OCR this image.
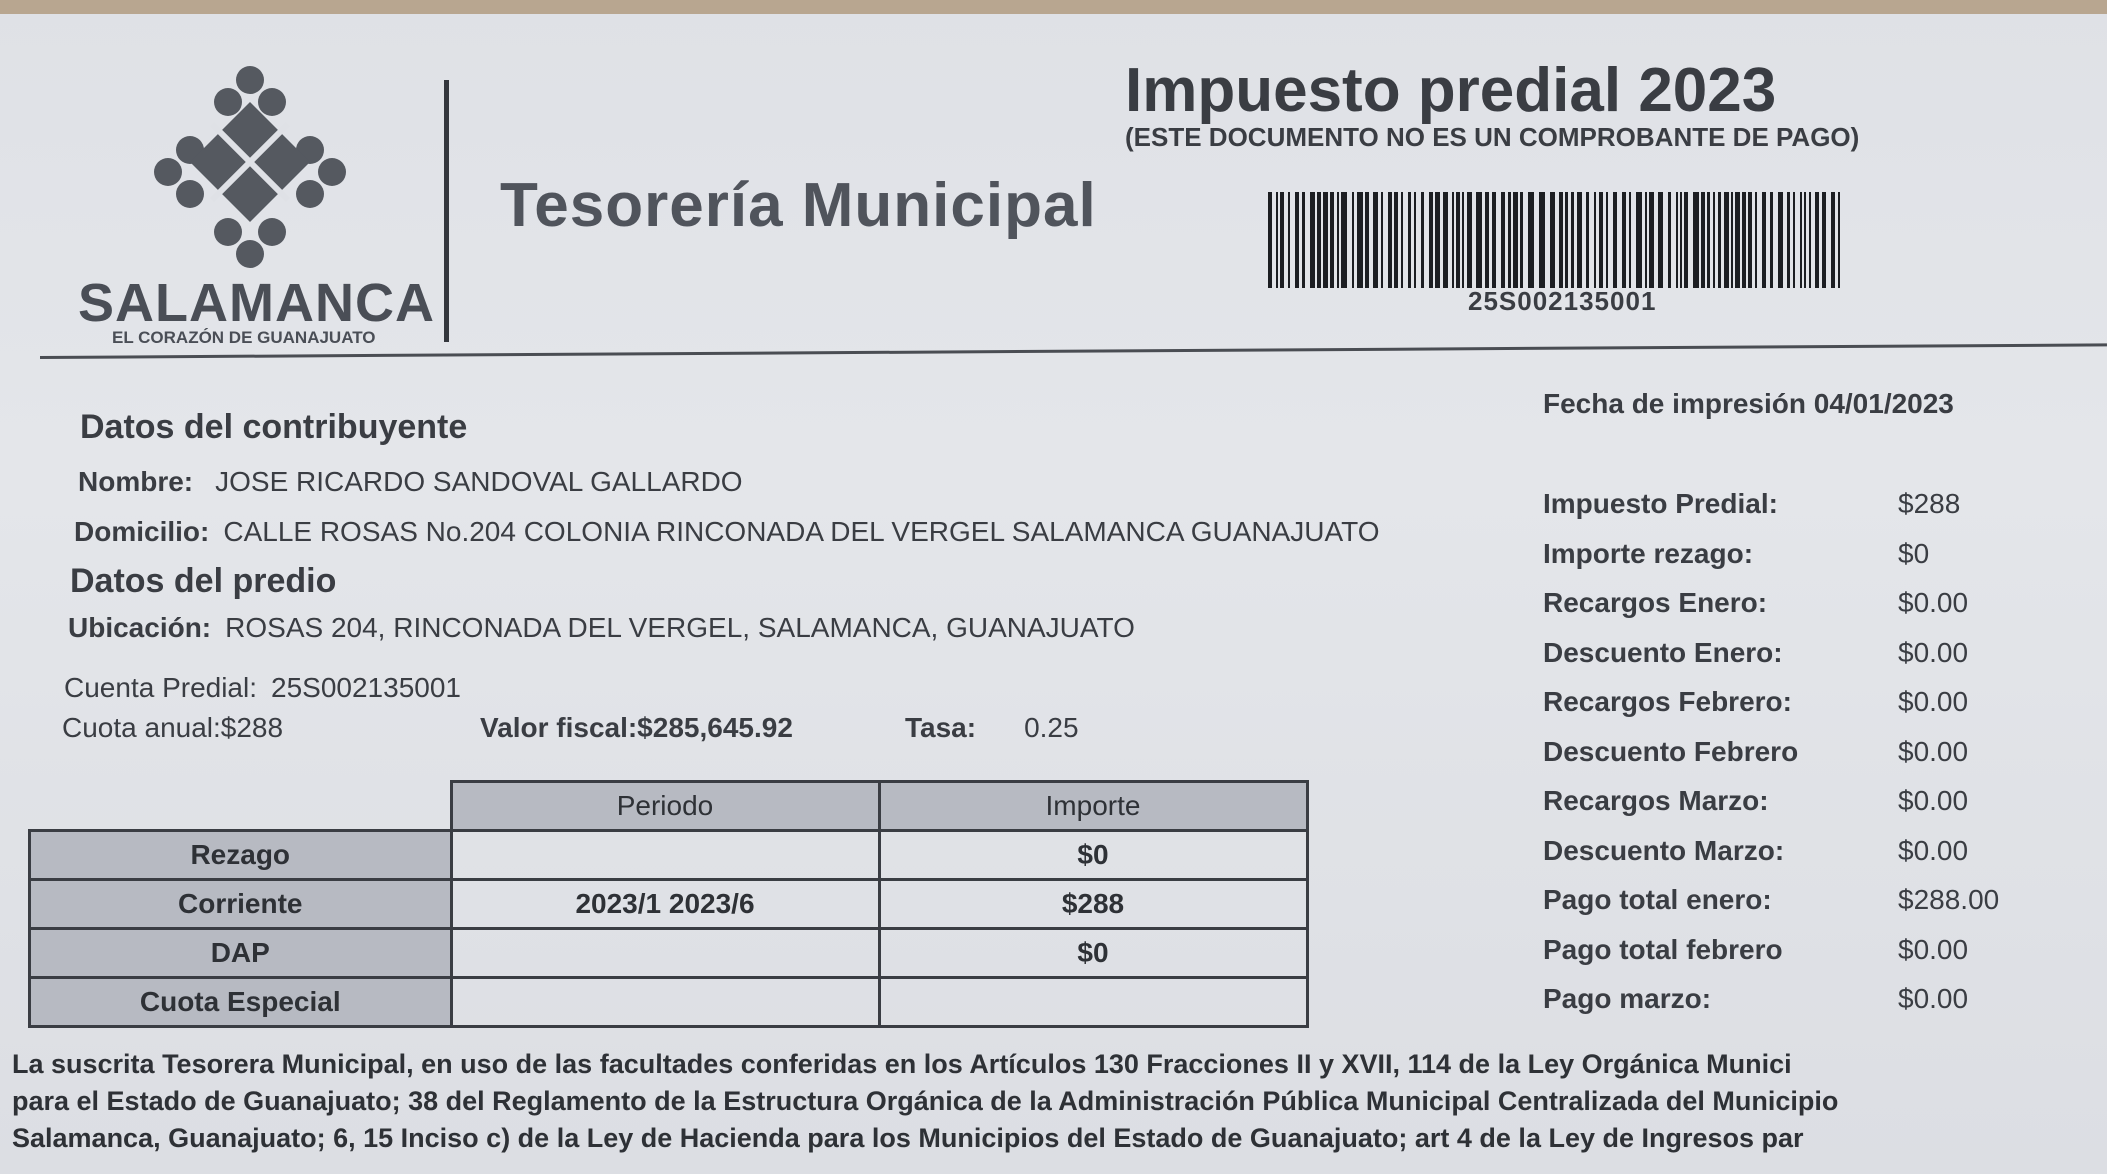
SALAMANCA
EL CORAZÓN DE GUANAJUATO
Tesorería Municipal
Impuesto predial 2023
(ESTE DOCUMENTO NO ES UN COMPROBANTE DE PAGO)
25S002135001
Datos del contribuyente
Nombre: JOSE RICARDO SANDOVAL GALLARDO
Domicilio: CALLE ROSAS No.204 COLONIA RINCONADA DEL VERGEL SALAMANCA GUANAJUATO
Datos del predio
Ubicación: ROSAS 204, RINCONADA DEL VERGEL, SALAMANCA, GUANAJUATO
Cuenta Predial: 25S002135001
Cuota anual:$288	Valor fiscal:$285,645.92	Tasa: 0.25
	Periodo	Importe
Rezago		$0
Corriente	2023/1 2023/6	$288
DAP		$0
Cuota Especial		
Fecha de impresión 04/01/2023
Impuesto Predial:	$288
Importe rezago:	$0
Recargos Enero:	$0.00
Descuento Enero:	$0.00
Recargos Febrero:	$0.00
Descuento Febrero	$0.00
Recargos Marzo:	$0.00
Descuento Marzo:	$0.00
Pago total enero:	$288.00
Pago total febrero	$0.00
Pago marzo:	$0.00
La suscrita Tesorera Municipal, en uso de las facultades conferidas en los Artículos 130 Fracciones II y XVII, 114 de la Ley Orgánica Munici
para el Estado de Guanajuato; 38 del Reglamento de la Estructura Orgánica de la Administración Pública Municipal Centralizada del Municipio
Salamanca, Guanajuato; 6, 15 Inciso c) de la Ley de Hacienda para los Municipios del Estado de Guanajuato; art 4 de la Ley de Ingresos par
